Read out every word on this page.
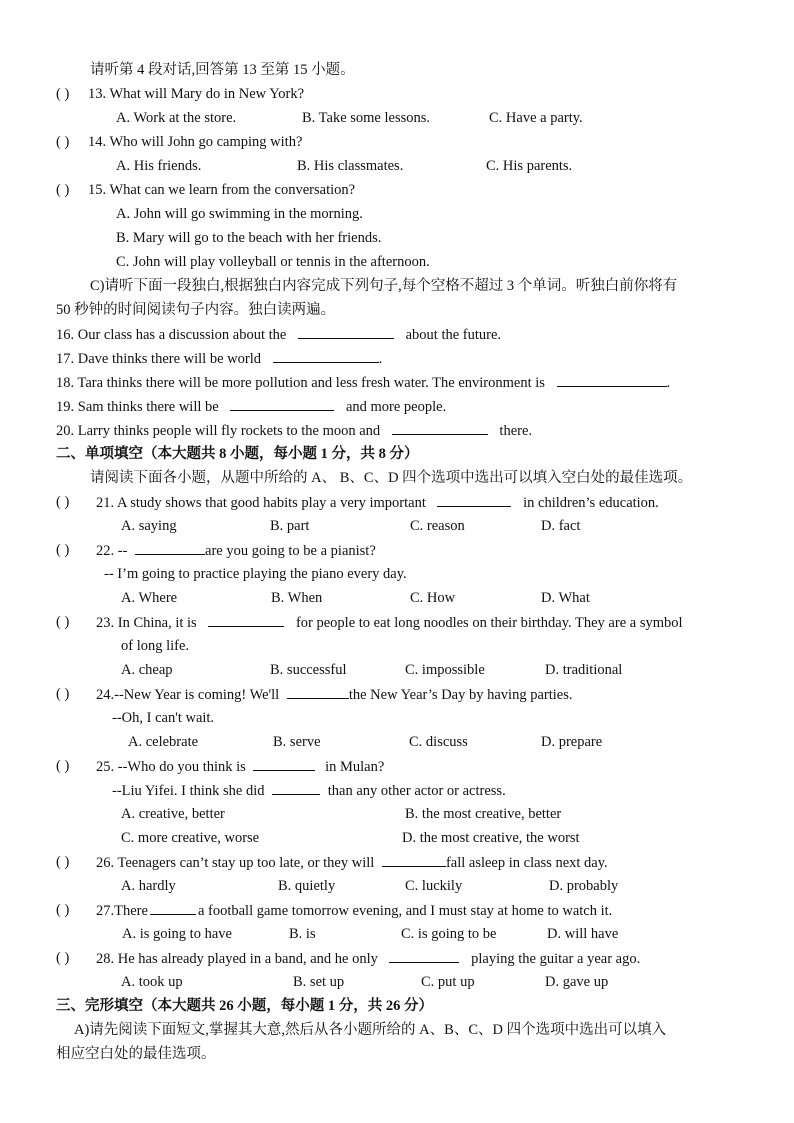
请听第 4 段对话,回答第 13 至第 15 小题。
( ) 13. What will Mary do in New York?
A. Work at the store.	B. Take some lessons.	C. Have a party.
( ) 14. Who will John go camping with?
A. His friends.	B. His classmates.	C. His parents.
( ) 15. What can we learn from the conversation?
A. John will go swimming in the morning.
B. Mary will go to the beach with her friends.
C. John will play volleyball or tennis in the afternoon.
C)请听下面一段独白,根据独白内容完成下列句子,每个空格不超过 3 个单词。听独白前你将有
50 秒钟的时间阅读句子内容。独白读两遍。
16. Our class has a discussion about the	about the future.
17. Dave thinks there will be world	.
18. Tara thinks there will be more pollution and less fresh water. The environment is	.
19. Sam thinks there will be	and more people.
20. Larry thinks people will fly rockets to the moon and	there.
二、单项填空（本大题共 8 小题，每小题 1 分，共 8 分）
请阅读下面各小题，从题中所给的 A、 B、C、D 四个选项中选出可以填入空白处的最佳选项。
( ) 21. A study shows that good habits play a very important	in children’s education.
A. saying	B. part	C. reason	D. fact
( ) 22. --	are you going to be a pianist?
-- I’m going to practice playing the piano every day.
A. Where	B. When	C. How	D. What
( ) 23. In China, it is	for people to eat long noodles on their birthday. They are a symbol
of long life.
A. cheap	B. successful	C. impossible	D. traditional
( ) 24.--New Year is coming! We'll	the New Year’s Day by having parties.
--Oh, I can't wait.
A. celebrate	B. serve	C. discuss	D. prepare
( ) 25. --Who do you think is	in Mulan?
--Liu Yifei. I think she did	than any other actor or actress.
A. creative, better	B. the most creative, better
C. more creative, worse	D. the most creative, the worst
( ) 26. Teenagers can’t stay up too late, or they will	fall asleep in class next day.
A. hardly	B. quietly	C. luckily	D. probably
( ) 27.There	a football game tomorrow evening, and I must stay at home to watch it.
A. is going to have	B. is	C. is going to be	D. will have
( ) 28. He has already played in a band, and he only	playing the guitar a year ago.
A. took up	B. set up	C. put up	D. gave up
三、完形填空（本大题共 26 小题，每小题 1 分，共 26 分）
A)请先阅读下面短文,掌握其大意,然后从各小题所给的 A、B、C、D 四个选项中选出可以填入
相应空白处的最佳选项。
